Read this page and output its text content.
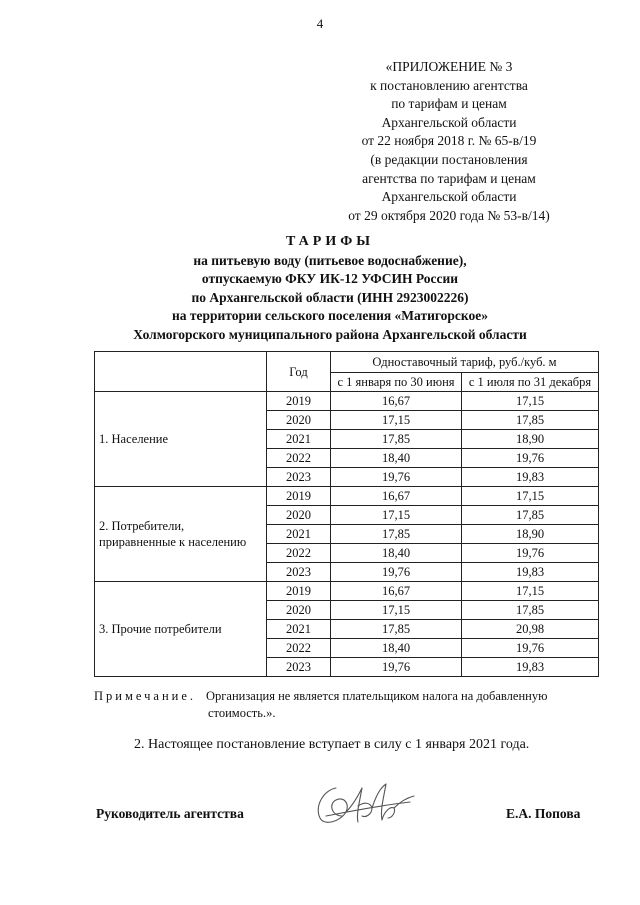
4
«ПРИЛОЖЕНИЕ № 3
к постановлению агентства
по тарифам и ценам
Архангельской области
от 22 ноября 2018 г. № 65-в/19
(в редакции постановления
агентства по тарифам и ценам
Архангельской области
от 29 октября 2020 года № 53-в/14)
ТАРИФЫ
на питьевую воду (питьевое водоснабжение),
отпускаемую ФКУ ИК-12 УФСИН России
по Архангельской области (ИНН 2923002226)
на территории сельского поселения «Матигорское»
Холмогорского муниципального района Архангельской области
	Год	Одноставочный тариф, руб./куб. м	
		с 1 января по 30 июня	с 1 июля по 31 декабря
1. Население	2019	16,67	17,15
	2020	17,15	17,85
	2021	17,85	18,90
	2022	18,40	19,76
	2023	19,76	19,83
2. Потребители, приравненные к населению	2019	16,67	17,15
	2020	17,15	17,85
	2021	17,85	18,90
	2022	18,40	19,76
	2023	19,76	19,83
3. Прочие потребители	2019	16,67	17,15
	2020	17,15	17,85
	2021	17,85	20,98
	2022	18,40	19,76
	2023	19,76	19,83
Примечание. Организация не является плательщиком налога на добавленную
стоимость.».
2. Настоящее постановление вступает в силу с 1 января 2021 года.
Руководитель агентства	Е.А. Попова
